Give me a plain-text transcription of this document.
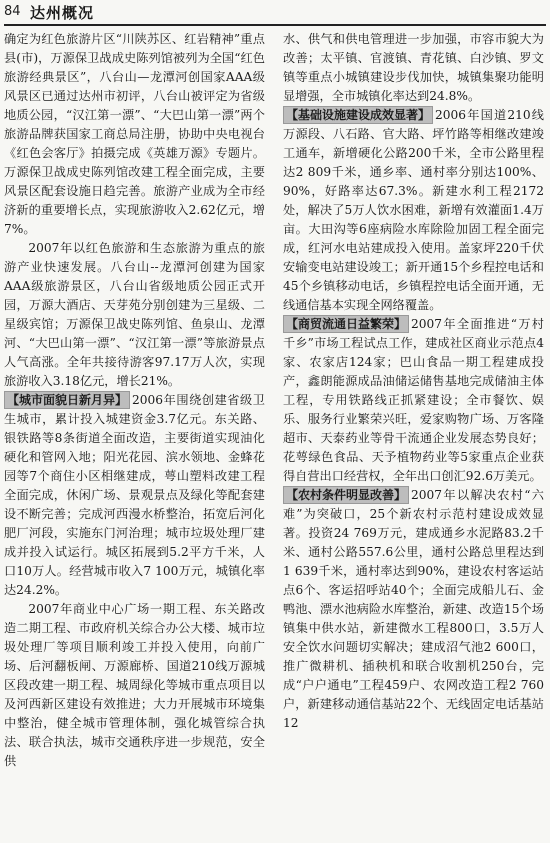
84 达州概况

确定为红色旅游片区“川陕苏区、红岩精神”重点县(市)，万源保卫战成史陈列馆被列为全国“红色旅游经典景区”，八台山—龙潭河创国家AAA级风景区已通过达州市初评，八台山被评定为省级地质公园，“汉江第一漂”、“大巴山第一漂”两个旅游品牌获国家工商总局注册，协助中央电视台《红色会客厅》拍摄完成《英雄万源》专题片。万源保卫战成史陈列馆改建工程全面完成，主要风景区配套设施日趋完善。旅游产业成为全市经济新的重要增长点，实现旅游收入2.62亿元，增7%。

2007年以红色旅游和生态旅游为重点的旅游产业快速发展。八台山--龙潭河创建为国家AAA级旅游景区，八台山省级地质公园正式开园，万源大酒店、天芽苑分别创建为三星级、二星级宾馆；万源保卫战史陈列馆、鱼泉山、龙潭河、“大巴山第一漂”、“汉江第一漂”等旅游景点人气高涨。全年共接待游客97.17万人次，实现旅游收入3.18亿元，增长21%。

【城市面貌日新月异】 2006年围绕创建省级卫生城市，累计投入城建资金3.7亿元。东关路、银铁路等8条街道全面改造，主要街道实现油化硬化和管网入地；阳光花园、滨水领地、金蜂花园等7个商住小区相继建成，萼山塑料改建工程全面完成，休闲广场、景观景点及绿化等配套建设不断完善；完成河西漫水桥整治，拓宽后河化肥厂河段，实施东门河治理；城市垃圾处理厂建成并投入试运行。城区拓展到5.2平方千米，人口10万人。经营城市收入7 100万元，城镇化率达24.2%。

2007年商业中心广场一期工程、东关路改造二期工程、市政府机关综合办公大楼、城市垃圾处理厂等项目顺利竣工并投入使用，向前广场、后河翻板闸、万源廊桥、国道210线万源城区段改建一期工程、城周绿化等城市重点项目以及河西新区建设有效推进；大力开展城市环境集中整治，健全城市管理体制，强化城管综合执法、联合执法，城市交通秩序进一步规范，安全供

水、供气和供电管理进一步加强，市容市貌大为改善；太平镇、官渡镇、青花镇、白沙镇、罗文镇等重点小城镇建设步伐加快，城镇集聚功能明显增强，全市城镇化率达到24.8%。

【基础设施建设成效显著】 2006年国道210线万源段、八石路、官大路、坪竹路等相继改建竣工通车，新增硬化公路200千米，全市公路里程达2 809千米，通乡率、通村率分别达100%、90%，好路率达67.3%。新建水利工程2172处，解决了5万人饮水困难，新增有效灌面1.4万亩。大田沟等6座病险水库除险加固工程全面完成，红河水电站建成投入使用。盖家坪220千伏安输变电站建设竣工；新开通15个乡程控电话和45个乡镇移动电话，乡镇程控电话全面开通，无线通信基本实现全网络覆盖。

【商贸流通日益繁荣】 2007年全面推进“万村千乡”市场工程试点工作，建成社区商业示范点4家、农家店124家；巴山食品一期工程建成投产，鑫朗能源成品油储运储售基地完成储油主体工程，专用铁路线正抓紧建设；全市餐饮、娱乐、服务行业繁荣兴旺，爱家购物广场、万客隆超市、天泰药业等骨干流通企业发展态势良好；花萼绿色食品、天予植物药业等5家重点企业获得自营出口经营权，全年出口创汇92.6万美元。

【农村条件明显改善】 2007年以解决农村“六难”为突破口，25个新农村示范村建设成效显著。投资24 769万元，建成通乡水泥路83.2千米、通村公路557.6公里，通村公路总里程达到1 639千米，通村率达到90%，建设农村客运站点6个、客运招呼站40个；全面完成船儿石、金鸭池、漂水池病险水库整治，新建、改造15个场镇集中供水站，新建微水工程800口，3.5万人安全饮水问题切实解决；建成沼气池2 600口，推广微耕机、插秧机和联合收割机250台，完成“户户通电”工程459户、农网改造工程2 760户，新建移动通信基站22个、无线固定电话基站12
